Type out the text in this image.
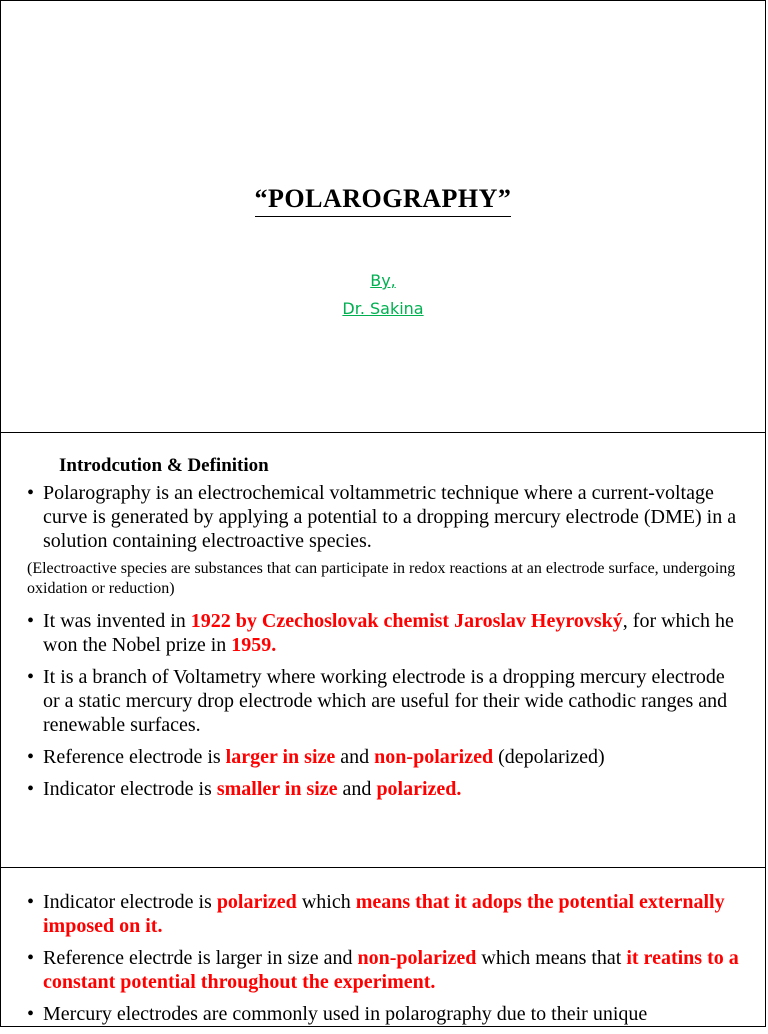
“POLAROGRAPHY”
By,
Dr. Sakina
Introdcution & Definition
• Polarography is an electrochemical voltammetric technique where a current-voltage curve is generated by applying a potential to a dropping mercury electrode (DME) in a solution containing electroactive species.
(Electroactive species are substances that can participate in redox reactions at an electrode surface, undergoing oxidation or reduction)
• It was invented in 1922 by Czechoslovak chemist Jaroslav Heyrovský, for which he won the Nobel prize in 1959.
• It is a branch of Voltametry where working electrode is a dropping mercury electrode or a static mercury drop electrode which are useful for their wide cathodic ranges and renewable surfaces.
• Reference electrode is larger in size and non-polarized (depolarized)
• Indicator electrode is smaller in size and polarized.
• Indicator electrode is polarized which means that it adops the potential externally imposed on it.
• Reference electrde is larger in size and non-polarized which means that it reatins to a constant potential throughout the experiment.
• Mercury electrodes are commonly used in polarography due to their unique
